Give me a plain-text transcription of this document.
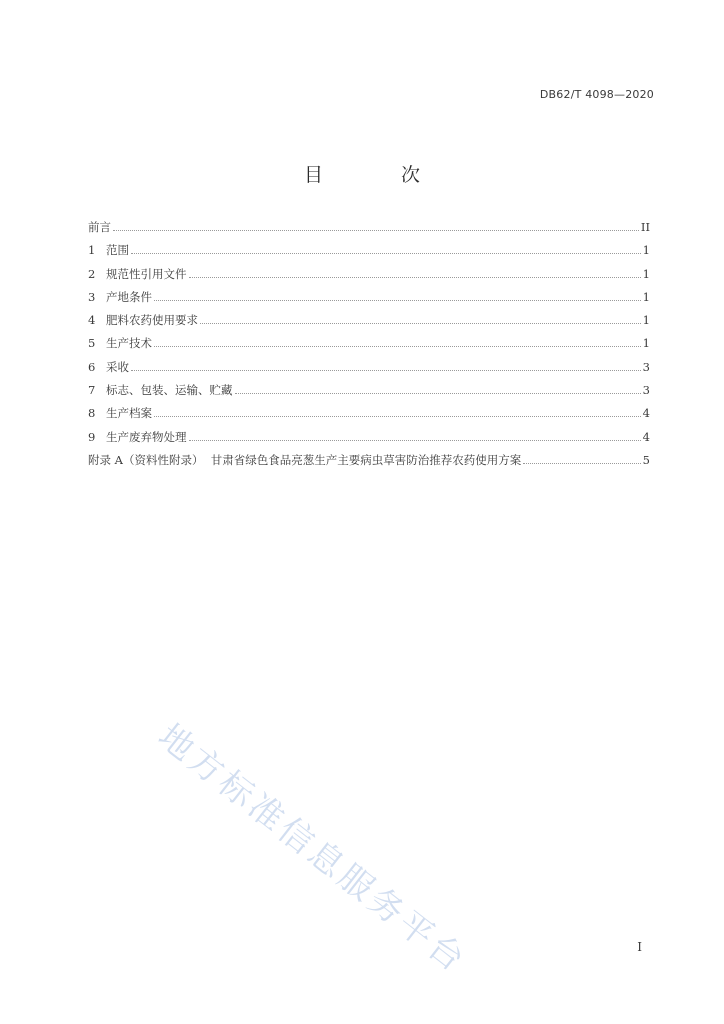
DB62/T 4098—2020
目 次
前言	II
1 范围	1
2 规范性引用文件	1
3 产地条件	1
4 肥料农药使用要求	1
5 生产技术	1
6 采收	3
7 标志、包装、运输、贮藏	3
8 生产档案	4
9 生产废弃物处理	4
附录 A（资料性附录）  甘肃省绿色食品亮葱生产主要病虫草害防治推荐农药使用方案	5
地方标准信息服务平台	I
